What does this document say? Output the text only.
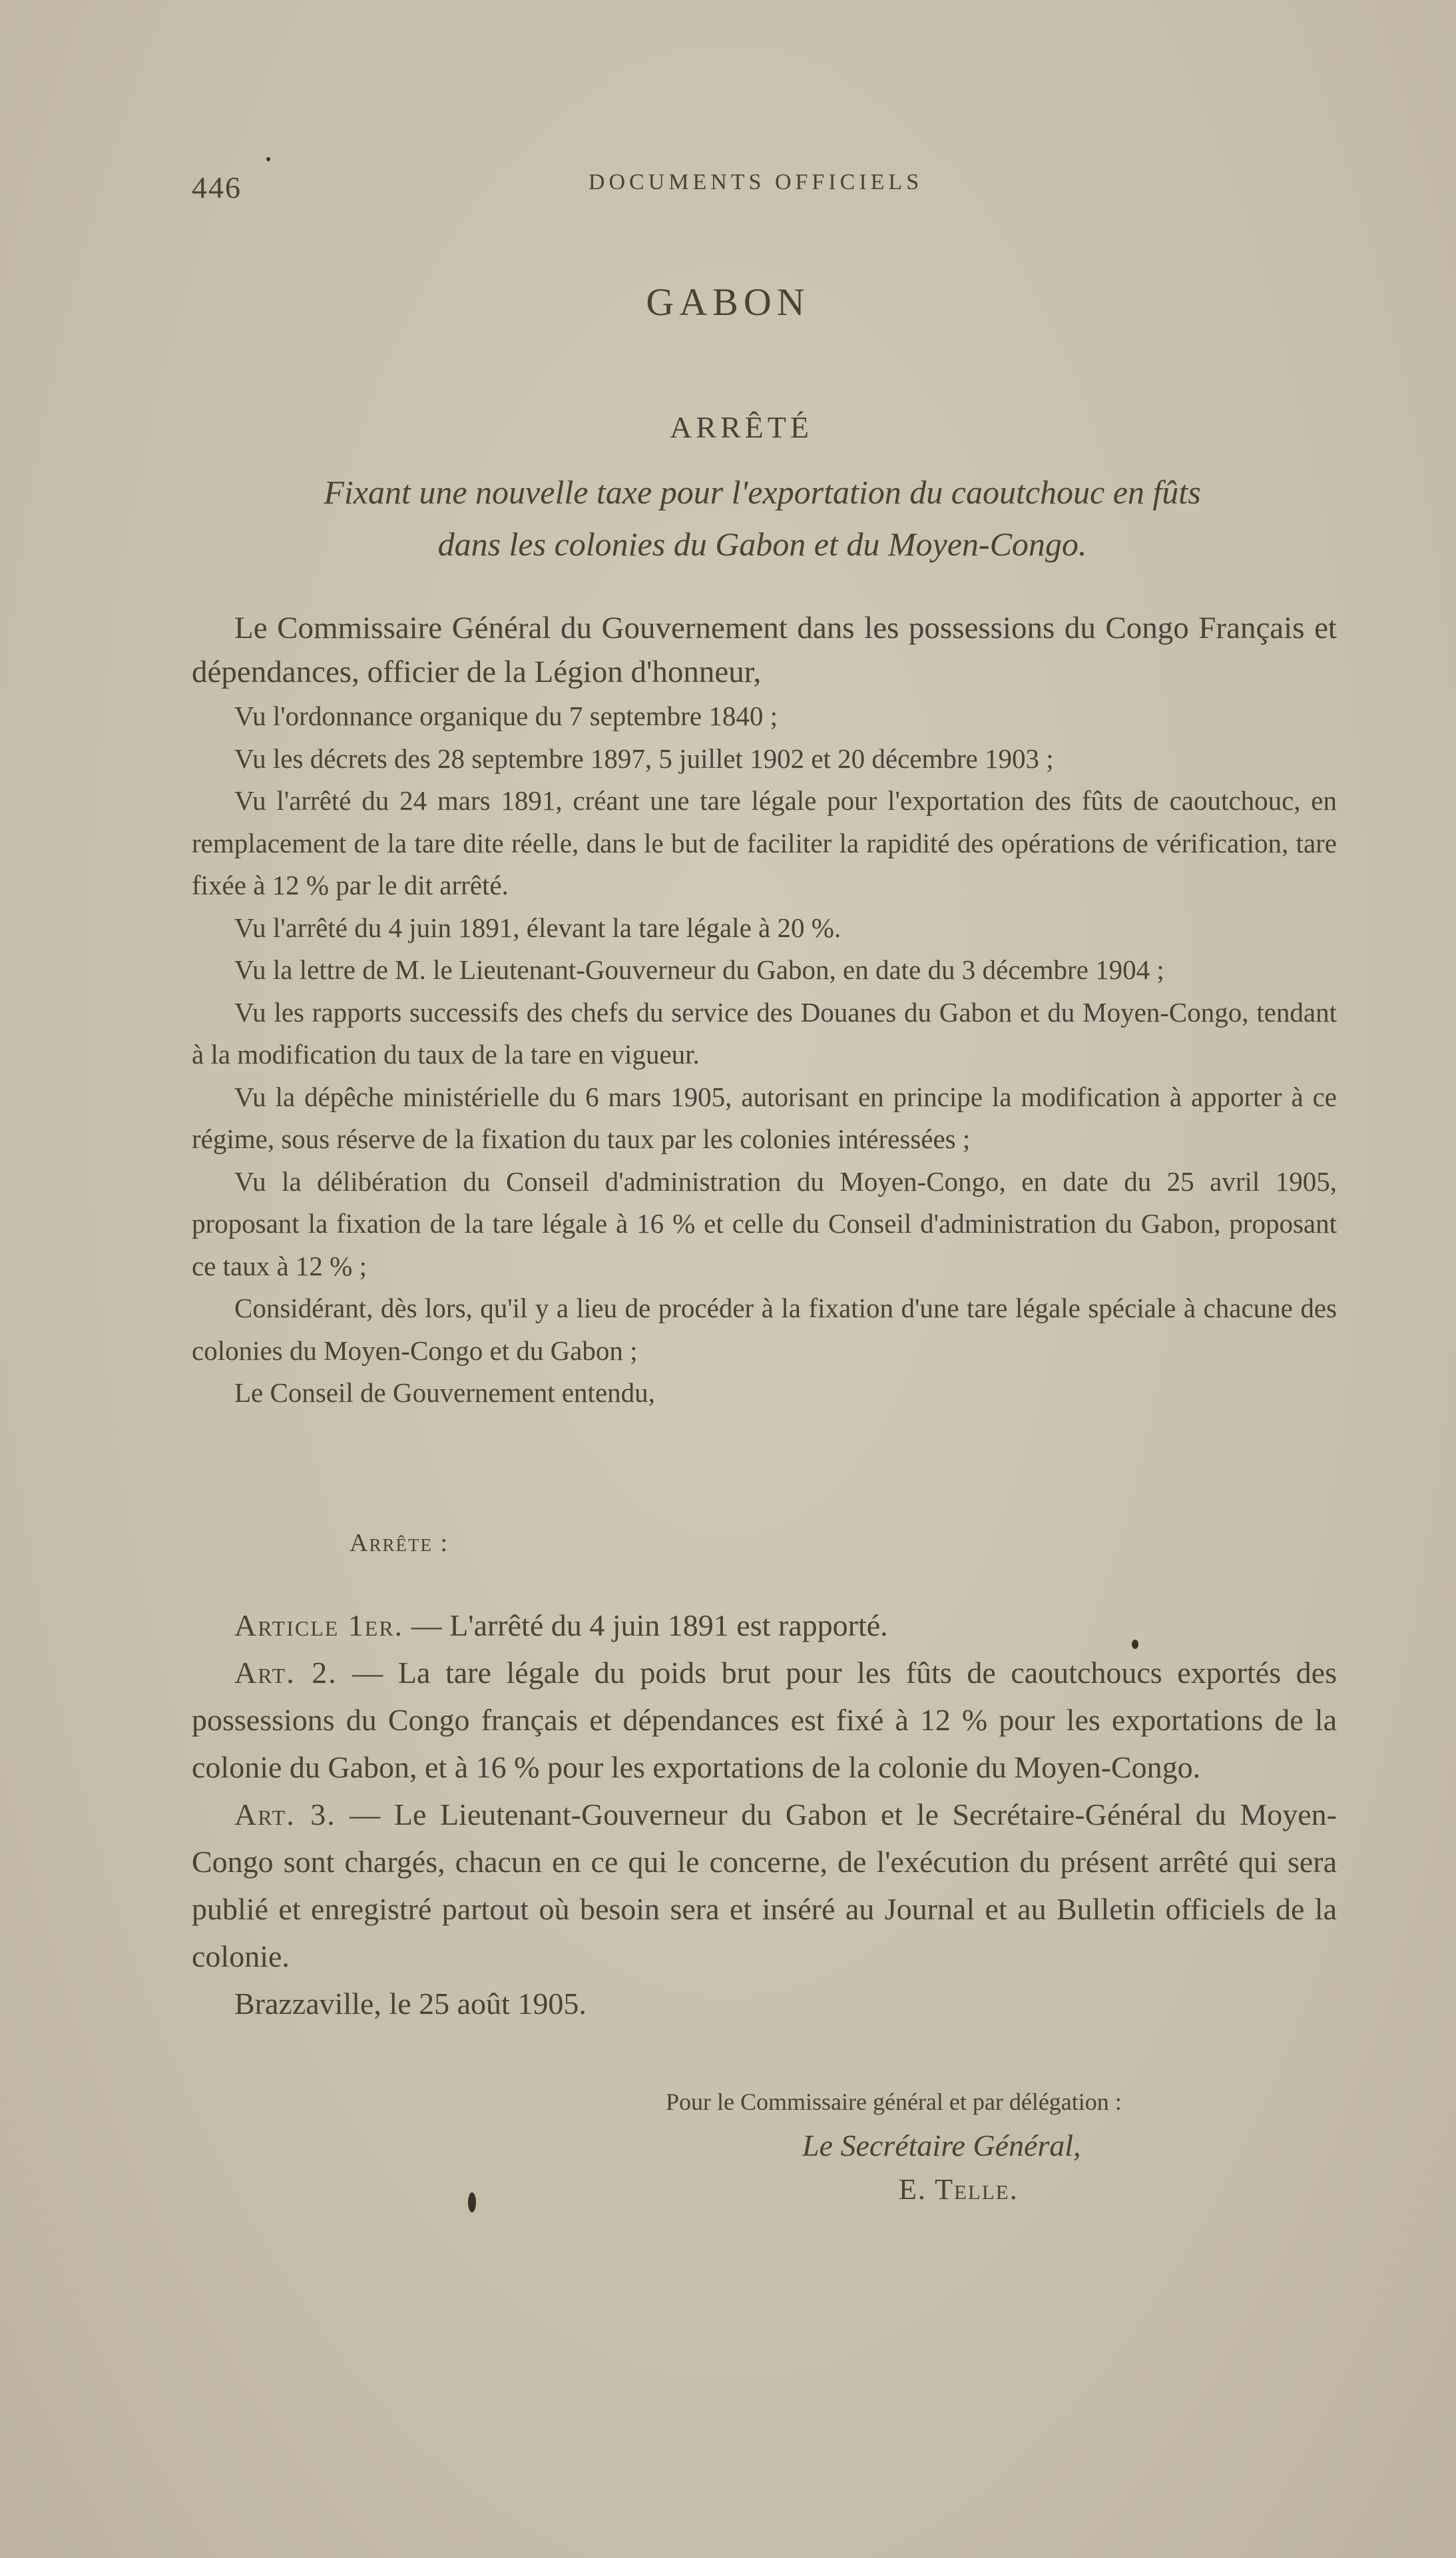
446	DOCUMENTS OFFICIELS
GABON
ARRÊTÉ
Fixant une nouvelle taxe pour l'exportation du caoutchouc en fûts
dans les colonies du Gabon et du Moyen-Congo.

Le Commissaire Général du Gouvernement dans les possessions du Congo Français et dépendances, officier de la Légion d'honneur,

Vu l'ordonnance organique du 7 septembre 1840 ;

Vu les décrets des 28 septembre 1897, 5 juillet 1902 et 20 décembre 1903 ;

Vu l'arrêté du 24 mars 1891, créant une tare légale pour l'exportation des fûts de caoutchouc, en remplacement de la tare dite réelle, dans le but de faciliter la rapidité des opérations de vérification, tare fixée à 12 % par le dit arrêté.

Vu l'arrêté du 4 juin 1891, élevant la tare légale à 20 %.

Vu la lettre de M. le Lieutenant-Gouverneur du Gabon, en date du 3 décembre 1904 ;

Vu les rapports successifs des chefs du service des Douanes du Gabon et du Moyen-Congo, tendant à la modification du taux de la tare en vigueur.

Vu la dépêche ministérielle du 6 mars 1905, autorisant en principe la modification à apporter à ce régime, sous réserve de la fixation du taux par les colonies intéressées ;

Vu la délibération du Conseil d'administration du Moyen-Congo, en date du 25 avril 1905, proposant la fixation de la tare légale à 16 % et celle du Conseil d'administration du Gabon, proposant ce taux à 12 % ;

Considérant, dès lors, qu'il y a lieu de procéder à la fixation d'une tare légale spéciale à chacune des colonies du Moyen-Congo et du Gabon ;

Le Conseil de Gouvernement entendu,

Arrête :

Article 1er. — L'arrêté du 4 juin 1891 est rapporté.

Art. 2. — La tare légale du poids brut pour les fûts de caoutchoucs exportés des possessions du Congo français et dépendances est fixé à 12 % pour les exportations de la colonie du Gabon, et à 16 % pour les exportations de la colonie du Moyen-Congo.

Art. 3. — Le Lieutenant-Gouverneur du Gabon et le Secrétaire-Général du Moyen-Congo sont chargés, chacun en ce qui le concerne, de l'exécution du présent arrêté qui sera publié et enregistré partout où besoin sera et inséré au Journal et au Bulletin officiels de la colonie.

Brazzaville, le 25 août 1905.

Pour le Commissaire général et par délégation :
Le Secrétaire Général,
E. Telle.
